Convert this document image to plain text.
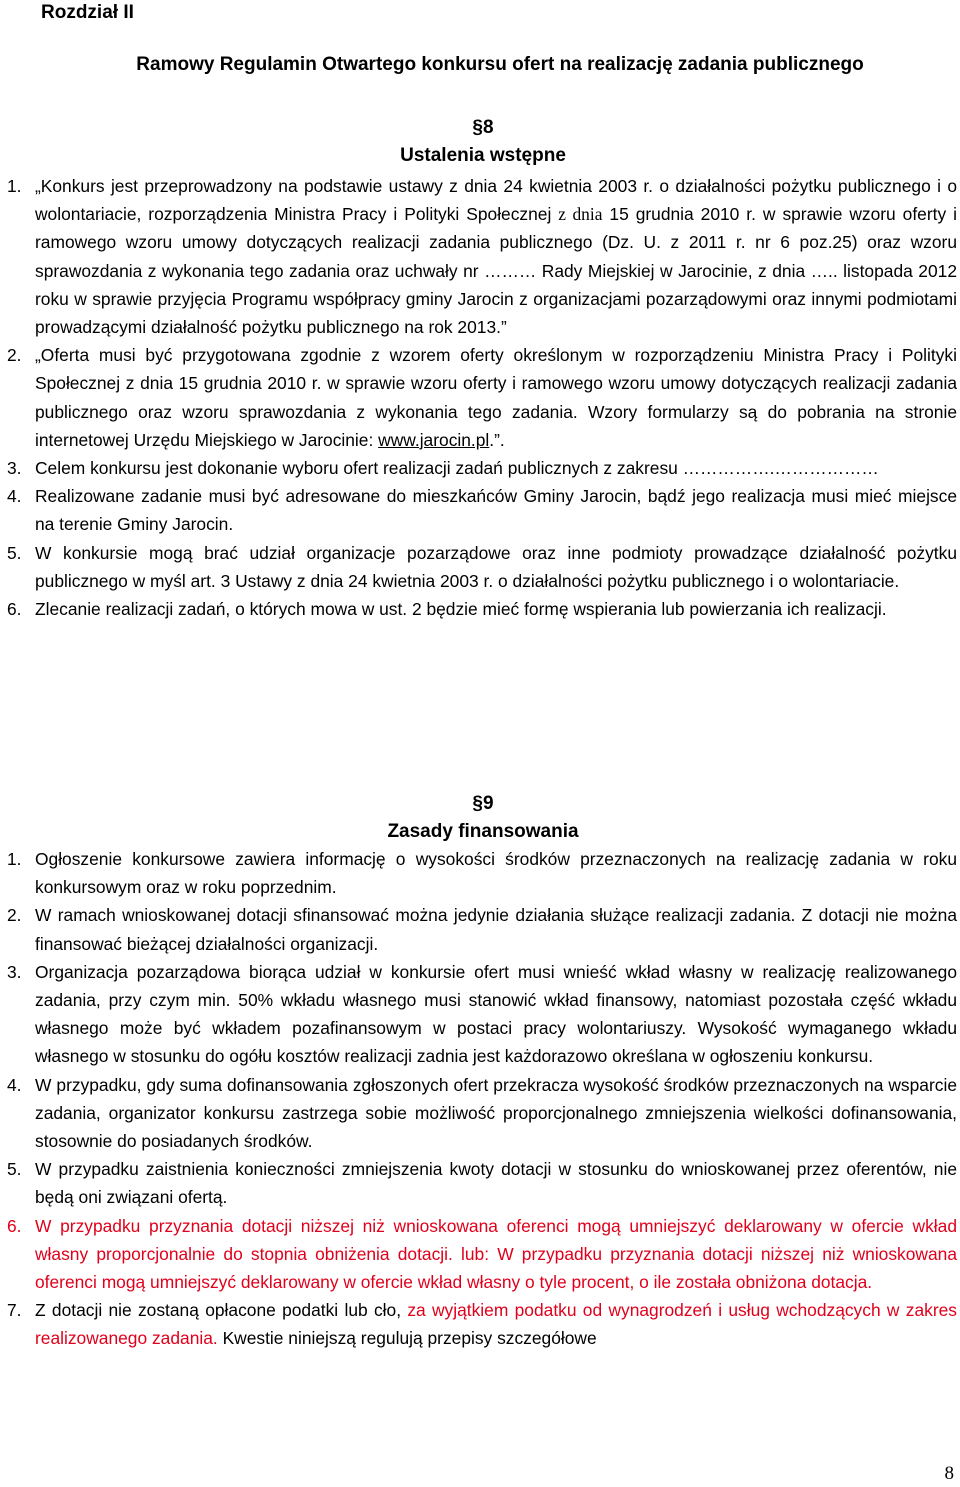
Rozdział II
Ramowy Regulamin Otwartego konkursu ofert na realizację zadania publicznego
§8
Ustalenia wstępne
1. „Konkurs jest przeprowadzony na podstawie ustawy z dnia 24 kwietnia 2003 r. o działalności pożytku publicznego i o wolontariacie, rozporządzenia Ministra Pracy i Polityki Społecznej z dnia 15 grudnia 2010 r. w sprawie wzoru oferty i ramowego wzoru umowy dotyczących realizacji zadania publicznego (Dz. U. z 2011 r. nr 6 poz.25) oraz wzoru sprawozdania z wykonania tego zadania oraz uchwały nr ……… Rady Miejskiej w Jarocinie, z dnia ….. listopada 2012 roku w sprawie przyjęcia Programu współpracy gminy Jarocin z organizacjami pozarządowymi oraz innymi podmiotami prowadzącymi działalność pożytku publicznego na rok 2013.”
2. „Oferta musi być przygotowana zgodnie z wzorem oferty określonym w rozporządzeniu Ministra Pracy i Polityki Społecznej z dnia 15 grudnia 2010 r. w sprawie wzoru oferty i ramowego wzoru umowy dotyczących realizacji zadania publicznego oraz wzoru sprawozdania z wykonania tego zadania. Wzory formularzy są do pobrania na stronie internetowej Urzędu Miejskiego w Jarocinie: www.jarocin.pl.”.
3. Celem konkursu jest dokonanie wyboru ofert realizacji zadań publicznych z zakresu …………….………………
4. Realizowane zadanie musi być adresowane do mieszkańców Gminy Jarocin, bądź jego realizacja musi mieć miejsce na terenie Gminy Jarocin.
5. W konkursie mogą brać udział organizacje pozarządowe oraz inne podmioty prowadzące działalność pożytku publicznego w myśl art. 3 Ustawy z dnia 24 kwietnia 2003 r. o działalności pożytku publicznego i o wolontariacie.
6. Zlecanie realizacji zadań, o których mowa w ust. 2 będzie mieć formę wspierania lub powierzania ich realizacji.
§9
Zasady finansowania
1. Ogłoszenie konkursowe zawiera informację o wysokości środków przeznaczonych na realizację zadania w roku konkursowym oraz w roku poprzednim.
2. W ramach wnioskowanej dotacji sfinansować można jedynie działania służące realizacji zadania. Z dotacji nie można finansować bieżącej działalności organizacji.
3. Organizacja pozarządowa biorąca udział w konkursie ofert musi wnieść wkład własny w realizację realizowanego zadania, przy czym min. 50% wkładu własnego musi stanowić wkład finansowy, natomiast pozostała część wkładu własnego może być wkładem pozafinansowym w postaci pracy wolontariuszy. Wysokość wymaganego wkładu własnego w stosunku do ogółu kosztów realizacji zadnia jest każdorazowo określana w ogłoszeniu konkursu.
4. W przypadku, gdy suma dofinansowania zgłoszonych ofert przekracza wysokość środków przeznaczonych na wsparcie zadania, organizator konkursu zastrzega sobie możliwość proporcjonalnego zmniejszenia wielkości dofinansowania, stosownie do posiadanych środków.
5. W przypadku zaistnienia konieczności zmniejszenia kwoty dotacji w stosunku do wnioskowanej przez oferentów, nie będą oni związani ofertą.
6. W przypadku przyznania dotacji niższej niż wnioskowana oferenci mogą umniejszyć deklarowany w ofercie wkład własny proporcjonalnie do stopnia obniżenia dotacji. lub: W przypadku przyznania dotacji niższej niż wnioskowana oferenci mogą umniejszyć deklarowany w ofercie wkład własny o tyle procent, o ile została obniżona dotacja.
7. Z dotacji nie zostaną opłacone podatki lub cło, za wyjątkiem podatku od wynagrodzeń i usług wchodzących w zakres realizowanego zadania. Kwestie niniejszą regulują przepisy szczegółowe
8
